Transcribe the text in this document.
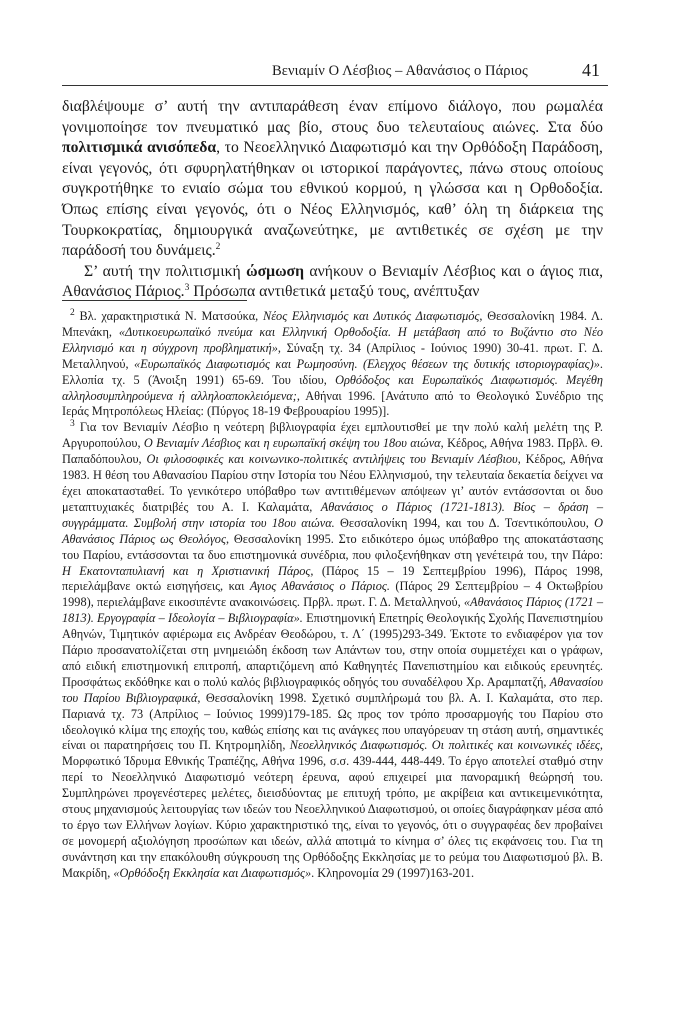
Βενιαμίν Ο Λέσβιος – Αθανάσιος ο Πάριος	41

διαβλέψουμε σ’ αυτή την αντιπαράθεση έναν επίμονο διάλογο, που ρωμαλέα γονιμοποίησε τον πνευματικό μας βίο, στους δυο τελευταίους αιώνες. Στα δύο πολιτισμικά ανισόπεδα, το Νεοελληνικό Διαφωτισμό και την Ορθόδοξη Παράδοση, είναι γεγονός, ότι σφυρηλατήθηκαν οι ιστορικοί παράγοντες, πάνω στους οποίους συγκροτήθηκε το ενιαίο σώμα του εθνικού κορμού, η γλώσσα και η Ορθοδοξία. Όπως επίσης είναι γεγονός, ότι ο Νέος Ελληνισμός, καθ’ όλη τη διάρκεια της Τουρκοκρατίας, δημιουργικά αναζωνεύτηκε, με αντιθετικές σε σχέση με την παράδοσή του δυνάμεις.$^2$

Σ’ αυτή την πολιτισμική ώσμωση ανήκουν ο Βενιαμίν Λέσβιος και ο άγιος πια, Αθανάσιος Πάριος.$^3$ Πρόσωπα αντιθετικά μεταξύ τους, ανέπτυξαν

$^2$ Βλ. χαρακτηριστικά Ν. Ματσούκα, Νέος Ελληνισμός και Δυτικός Διαφωτισμός, Θεσσαλονίκη 1984. Λ. Μπενάκη, «Δυτικοευρωπαϊκό πνεύμα και Ελληνική Ορθοδοξία. Η μετάβαση από το Βυζάντιο στο Νέο Ελληνισμό και η σύγχρονη προβληματική», Σύναξη τχ. 34 (Απρίλιος - Ιούνιος 1990) 30-41. πρωτ. Γ. Δ. Μεταλληνού, «Ευρωπαϊκός Διαφωτισμός και Ρωμηοσύνη. (Ελεγχος θέσεων της δυτικής ιστοριογραφίας)». Ελλοπία τχ. 5 (Άνοιξη 1991) 65-69. Του ιδίου, Ορθόδοξος και Ευρωπαϊκός Διαφωτισμός. Μεγέθη αλληλοσυμπληρούμενα ή αλληλοαποκλειόμενα;, Αθήναι 1996. [Ανάτυπο από το Θεολογικό Συνέδριο της Ιεράς Μητροπόλεως Ηλείας: (Πύργος 18-19 Φεβρουαρίου 1995)].

$^3$ Για τον Βενιαμίν Λέσβιο η νεότερη βιβλιογραφία έχει εμπλουτισθεί με την πολύ καλή μελέτη της Ρ. Αργυροπούλου, Ο Βενιαμίν Λέσβιος και η ευρωπαϊκή σκέψη του 18ου αιώνα, Κέδρος, Αθήνα 1983. Πρβλ. Θ. Παπαδόπουλου, Οι φιλοσοφικές και κοινωνικο-πολιτικές αντιλήψεις του Βενιαμίν Λέσβιου, Κέδρος, Αθήνα 1983. Η θέση του Αθανασίου Παρίου στην Ιστορία του Νέου Ελληνισμού, την τελευταία δεκαετία δείχνει να έχει αποκατασταθεί. Το γενικότερο υπόβαθρο των αντιτιθέμενων απόψεων γι’ αυτόν εντάσσονται οι δυο μεταπτυχιακές διατριβές του Α. Ι. Καλαμάτα, Αθανάσιος ο Πάριος (1721-1813). Βίος – δράση – συγγράμματα. Συμβολή στην ιστορία του 18ου αιώνα. Θεσσαλονίκη 1994, και του Δ. Τσεντικόπουλου, Ο Αθανάσιος Πάριος ως Θεολόγος, Θεσσαλονίκη 1995. Στο ειδικότερο όμως υπόβαθρο της αποκατάστασης του Παρίου, εντάσσονται τα δυο επιστημονικά συνέδρια, που φιλοξενήθηκαν στη γενέτειρά του, την Πάρο: Η Εκατονταπυλιανή και η Χριστιανική Πάρος, (Πάρος 15 – 19 Σεπτεμβρίου 1996), Πάρος 1998, περιελάμβανε οκτώ εισηγήσεις, και Αγιος Αθανάσιος ο Πάριος. (Πάρος 29 Σεπτεμβρίου – 4 Οκτωβρίου 1998), περιελάμβανε εικοσιπέντε ανακοινώσεις. Πρβλ. πρωτ. Γ. Δ. Μεταλληνού, «Αθανάσιος Πάριος (1721 – 1813). Εργογραφία – Ιδεολογία – Βιβλιογραφία». Επιστημονική Επετηρίς Θεολογικής Σχολής Πανεπιστημίου Αθηνών, Τιμητικόν αφιέρωμα εις Ανδρέαν Θεοδώρου, τ. Λ΄ (1995)293-349. Έκτοτε το ενδιαφέρον για τον Πάριο προσανατολίζεται στη μνημειώδη έκδοση των Απάντων του, στην οποία συμμετέχει και ο γράφων, από ειδική επιστημονική επιτροπή, απαρτιζόμενη από Καθηγητές Πανεπιστημίου και ειδικούς ερευνητές. Προσφάτως εκδόθηκε και ο πολύ καλός βιβλιογραφικός οδηγός του συναδέλφου Χρ. Αραμπατζή, Αθανασίου του Παρίου Βιβλιογραφικά, Θεσσαλονίκη 1998. Σχετικό συμπλήρωμά του βλ. Α. Ι. Καλαμάτα, στο περ. Παριανά τχ. 73 (Απρίλιος – Ιούνιος 1999)179-185. Ως προς τον τρόπο προσαρμογής του Παρίου στο ιδεολογικό κλίμα της εποχής του, καθώς επίσης και τις ανάγκες που υπαγόρευαν τη στάση αυτή, σημαντικές είναι οι παρατηρήσεις του Π. Κητρομηλίδη, Νεοελληνικός Διαφωτισμός. Οι πολιτικές και κοινωνικές ιδέες, Μορφωτικό Ίδρυμα Εθνικής Τραπέζης, Αθήνα 1996, σ.σ. 439-444, 448-449. Το έργο αποτελεί σταθμό στην περί το Νεοελληνικό Διαφωτισμό νεότερη έρευνα, αφού επιχειρεί μια πανοραμική θεώρησή του. Συμπληρώνει προγενέστερες μελέτες, διεισδύοντας με επιτυχή τρόπο, με ακρίβεια και αντικειμενικότητα, στους μηχανισμούς λειτουργίας των ιδεών του Νεοελληνικού Διαφωτισμού, οι οποίες διαγράφηκαν μέσα από το έργο των Ελλήνων λογίων. Κύριο χαρακτηριστικό της, είναι το γεγονός, ότι ο συγγραφέας δεν προβαίνει σε μονομερή αξιολόγηση προσώπων και ιδεών, αλλά αποτιμά το κίνημα σ’ όλες τις εκφάνσεις του. Για τη συνάντηση και την επακόλουθη σύγκρουση της Ορθόδοξης Εκκλησίας με το ρεύμα του Διαφωτισμού βλ. Β. Μακρίδη, «Ορθόδοξη Εκκλησία και Διαφωτισμός». Κληρονομία 29 (1997)163-201.
